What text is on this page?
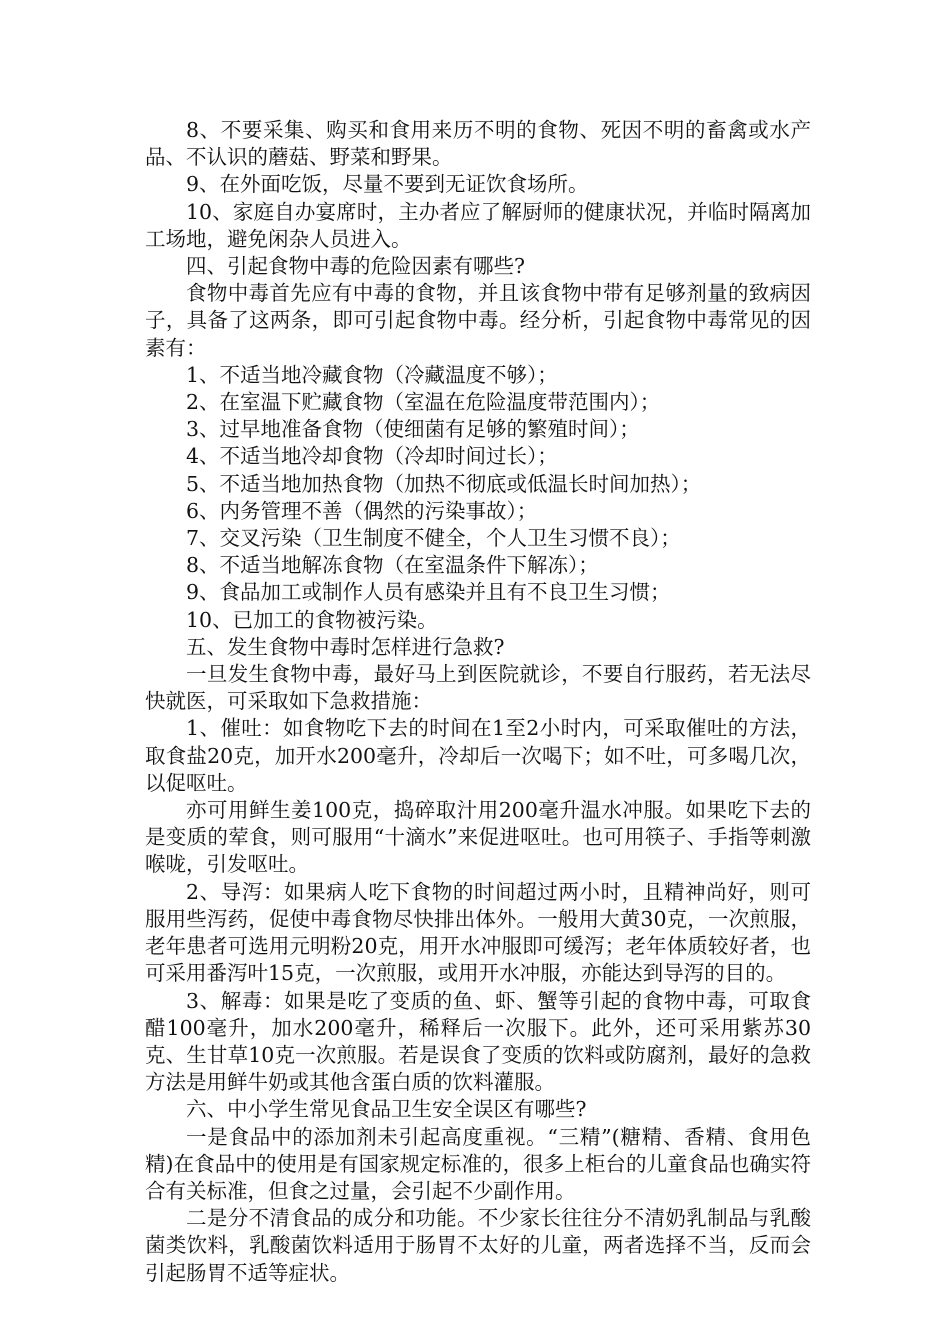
8、不要采集、购买和食用来历不明的食物、死因不明的畜禽或水产品、不认识的蘑菇、野菜和野果。

9、在外面吃饭，尽量不要到无证饮食场所。

10、家庭自办宴席时，主办者应了解厨师的健康状况，并临时隔离加工场地，避免闲杂人员进入。

四、引起食物中毒的危险因素有哪些?

食物中毒首先应有中毒的食物，并且该食物中带有足够剂量的致病因子，具备了这两条，即可引起食物中毒。经分析，引起食物中毒常见的因素有：

1、不适当地冷藏食物（冷藏温度不够）；

2、在室温下贮藏食物（室温在危险温度带范围内）；

3、过早地准备食物（使细菌有足够的繁殖时间）；

4、不适当地冷却食物（冷却时间过长）；

5、不适当地加热食物（加热不彻底或低温长时间加热）；

6、内务管理不善（偶然的污染事故）；

7、交叉污染（卫生制度不健全，个人卫生习惯不良）；

8、不适当地解冻食物（在室温条件下解冻）；

9、食品加工或制作人员有感染并且有不良卫生习惯；

10、已加工的食物被污染。

五、发生食物中毒时怎样进行急救?

一旦发生食物中毒，最好马上到医院就诊，不要自行服药，若无法尽快就医，可采取如下急救措施：

1、催吐：如食物吃下去的时间在1至2小时内，可采取催吐的方法，取食盐20克，加开水200毫升，冷却后一次喝下；如不吐，可多喝几次，以促呕吐。

亦可用鲜生姜100克，捣碎取汁用200毫升温水冲服。如果吃下去的是变质的荤食，则可服用“十滴水”来促进呕吐。也可用筷子、手指等刺激喉咙，引发呕吐。

2、导泻：如果病人吃下食物的时间超过两小时，且精神尚好，则可服用些泻药，促使中毒食物尽快排出体外。一般用大黄30克，一次煎服，老年患者可选用元明粉20克，用开水冲服即可缓泻；老年体质较好者，也可采用番泻叶15克，一次煎服，或用开水冲服，亦能达到导泻的目的。

3、解毒：如果是吃了变质的鱼、虾、蟹等引起的食物中毒，可取食醋100毫升，加水200毫升，稀释后一次服下。此外，还可采用紫苏30克、生甘草10克一次煎服。若是误食了变质的饮料或防腐剂，最好的急救方法是用鲜牛奶或其他含蛋白质的饮料灌服。

六、中小学生常见食品卫生安全误区有哪些?

一是食品中的添加剂未引起高度重视。“三精”(糖精、香精、食用色精)在食品中的使用是有国家规定标准的，很多上柜台的儿童食品也确实符合有关标准，但食之过量，会引起不少副作用。

二是分不清食品的成分和功能。不少家长往往分不清奶乳制品与乳酸菌类饮料，乳酸菌饮料适用于肠胃不太好的儿童，两者选择不当，反而会引起肠胃不适等症状。
